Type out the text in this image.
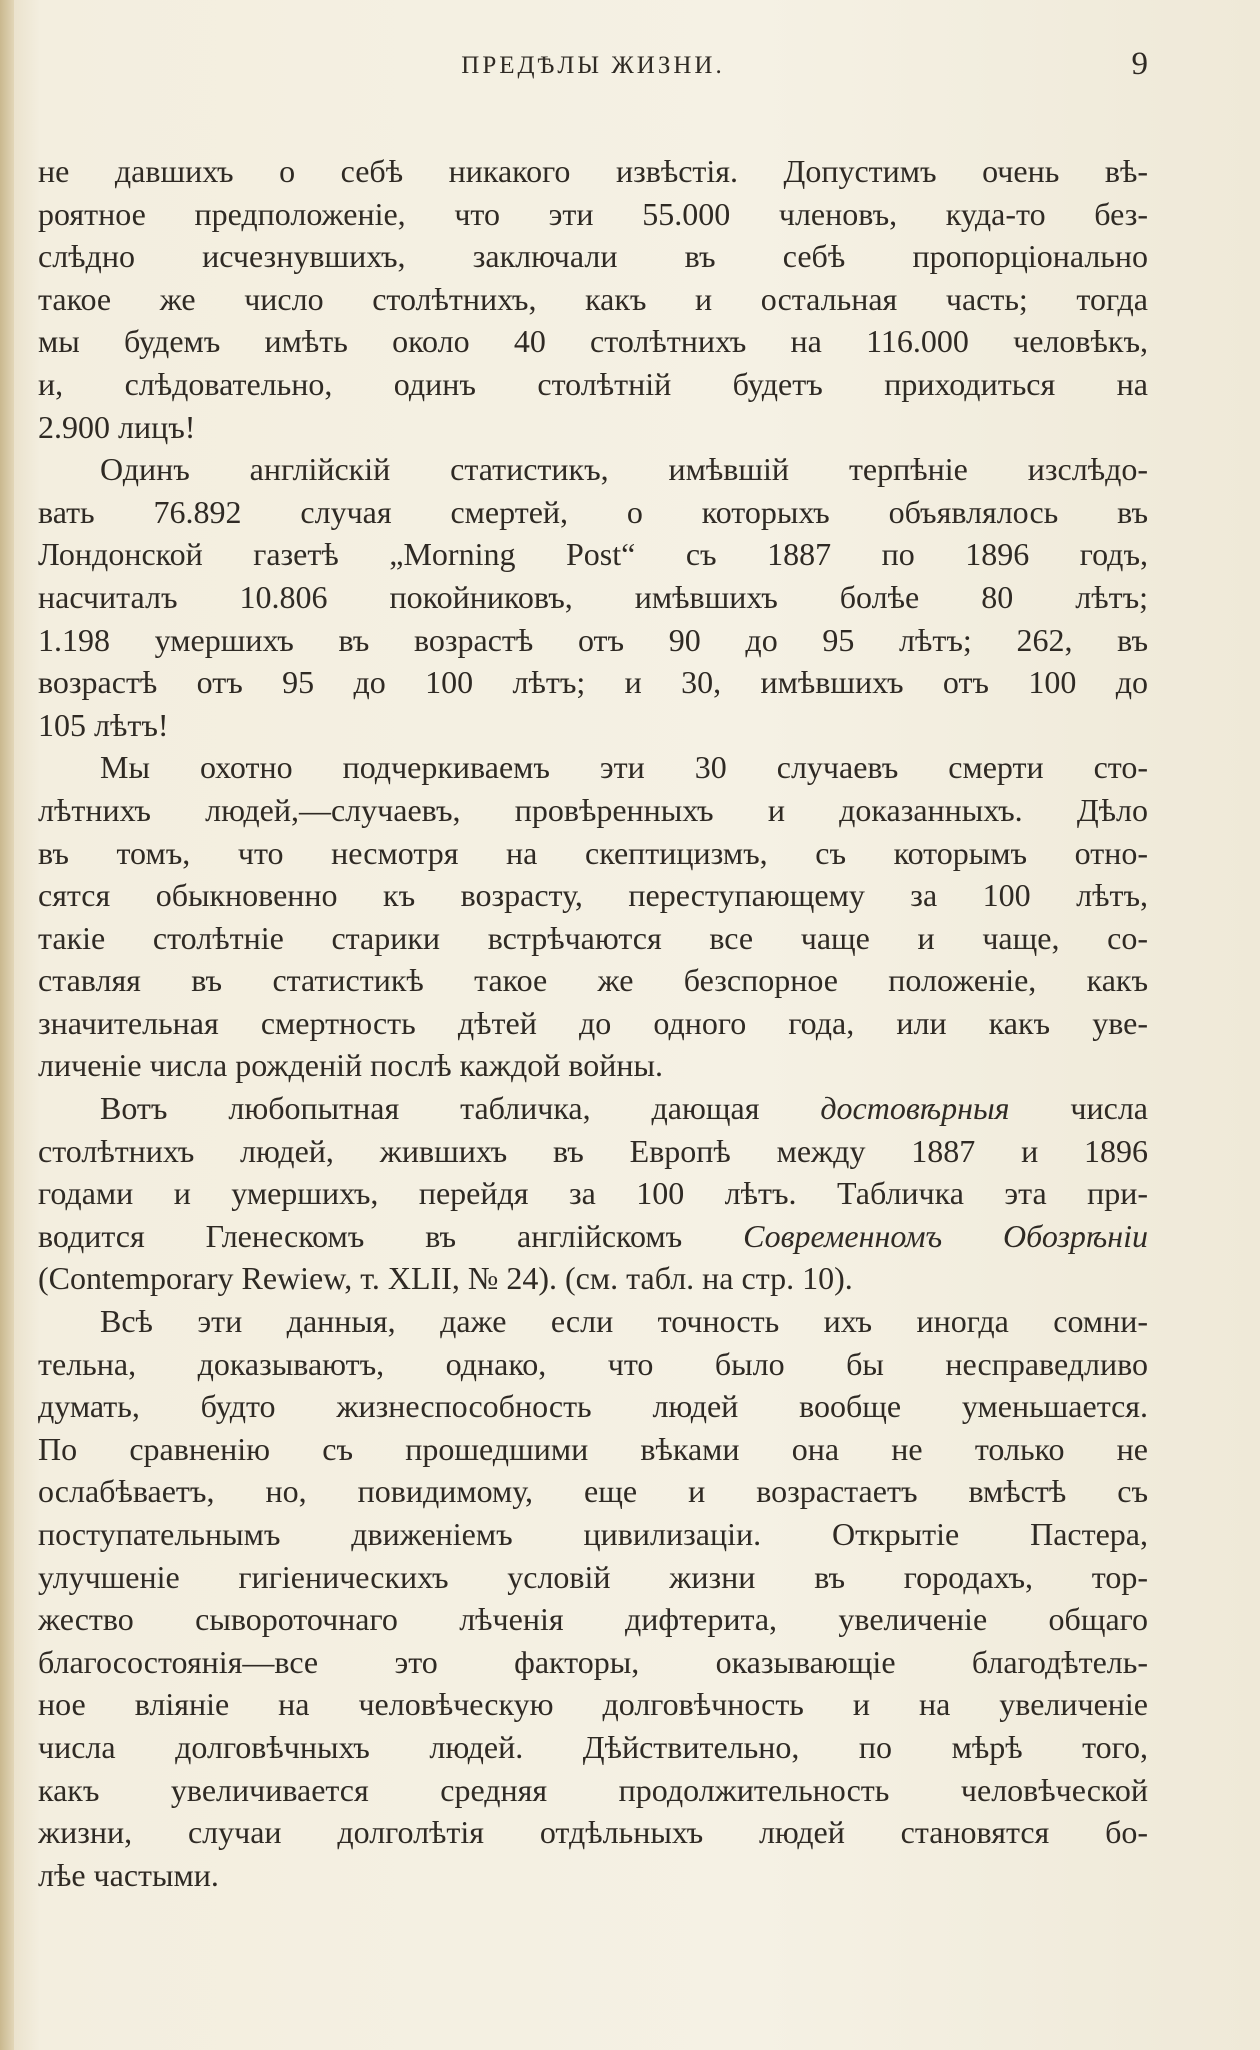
ПРЕДѢЛЫ ЖИЗНИ.	9
не давшихъ о себѣ никакого извѣстія. Допустимъ очень вѣ-
роятное предположеніе, что эти 55.000 членовъ, куда-то без-
слѣдно исчезнувшихъ, заключали въ себѣ пропорціонально
такое же число столѣтнихъ, какъ и остальная часть; тогда
мы будемъ имѣть около 40 столѣтнихъ на 116.000 человѣкъ,
и, слѣдовательно, одинъ столѣтній будетъ приходиться на
2.900 лицъ!
Одинъ англійскій статистикъ, имѣвшій терпѣніе изслѣдо-
вать 76.892 случая смертей, о которыхъ объявлялось въ
Лондонской газетѣ „Morning Post“ съ 1887 по 1896 годъ,
насчиталъ 10.806 покойниковъ, имѣвшихъ болѣе 80 лѣтъ;
1.198 умершихъ въ возрастѣ отъ 90 до 95 лѣтъ; 262, въ
возрастѣ отъ 95 до 100 лѣтъ; и 30, имѣвшихъ отъ 100 до
105 лѣтъ!
Мы охотно подчеркиваемъ эти 30 случаевъ смерти сто-
лѣтнихъ людей,—случаевъ, провѣренныхъ и доказанныхъ. Дѣло
въ томъ, что несмотря на скептицизмъ, съ которымъ отно-
сятся обыкновенно къ возрасту, переступающему за 100 лѣтъ,
такіе столѣтніе старики встрѣчаются все чаще и чаще, со-
ставляя въ статистикѣ такое же безспорное положеніе, какъ
значительная смертность дѣтей до одного года, или какъ уве-
личеніе числа рожденій послѣ каждой войны.
Вотъ любопытная табличка, дающая достовѣрныя числа
столѣтнихъ людей, жившихъ въ Европѣ между 1887 и 1896
годами и умершихъ, перейдя за 100 лѣтъ. Табличка эта при-
водится Гленескомъ въ англійскомъ Современномъ Обозрѣніи
(Contemporary Rewiew, т. XLII, № 24). (см. табл. на стр. 10).
Всѣ эти данныя, даже если точность ихъ иногда сомни-
тельна, доказываютъ, однако, что было бы несправедливо
думать, будто жизнеспособность людей вообще уменьшается.
По сравненію съ прошедшими вѣками она не только не
ослабѣваетъ, но, повидимому, еще и возрастаетъ вмѣстѣ съ
поступательнымъ движеніемъ цивилизаціи. Открытіе Пастера,
улучшеніе гигіеническихъ условій жизни въ городахъ, тор-
жество сывороточнаго лѣченія дифтерита, увеличеніе общаго
благосостоянія—все это факторы, оказывающіе благодѣтель-
ное вліяніе на человѣческую долговѣчность и на увеличеніе
числа долговѣчныхъ людей. Дѣйствительно, по мѣрѣ того,
какъ увеличивается средняя продолжительность человѣческой
жизни, случаи долголѣтія отдѣльныхъ людей становятся бо-
лѣе частыми.
